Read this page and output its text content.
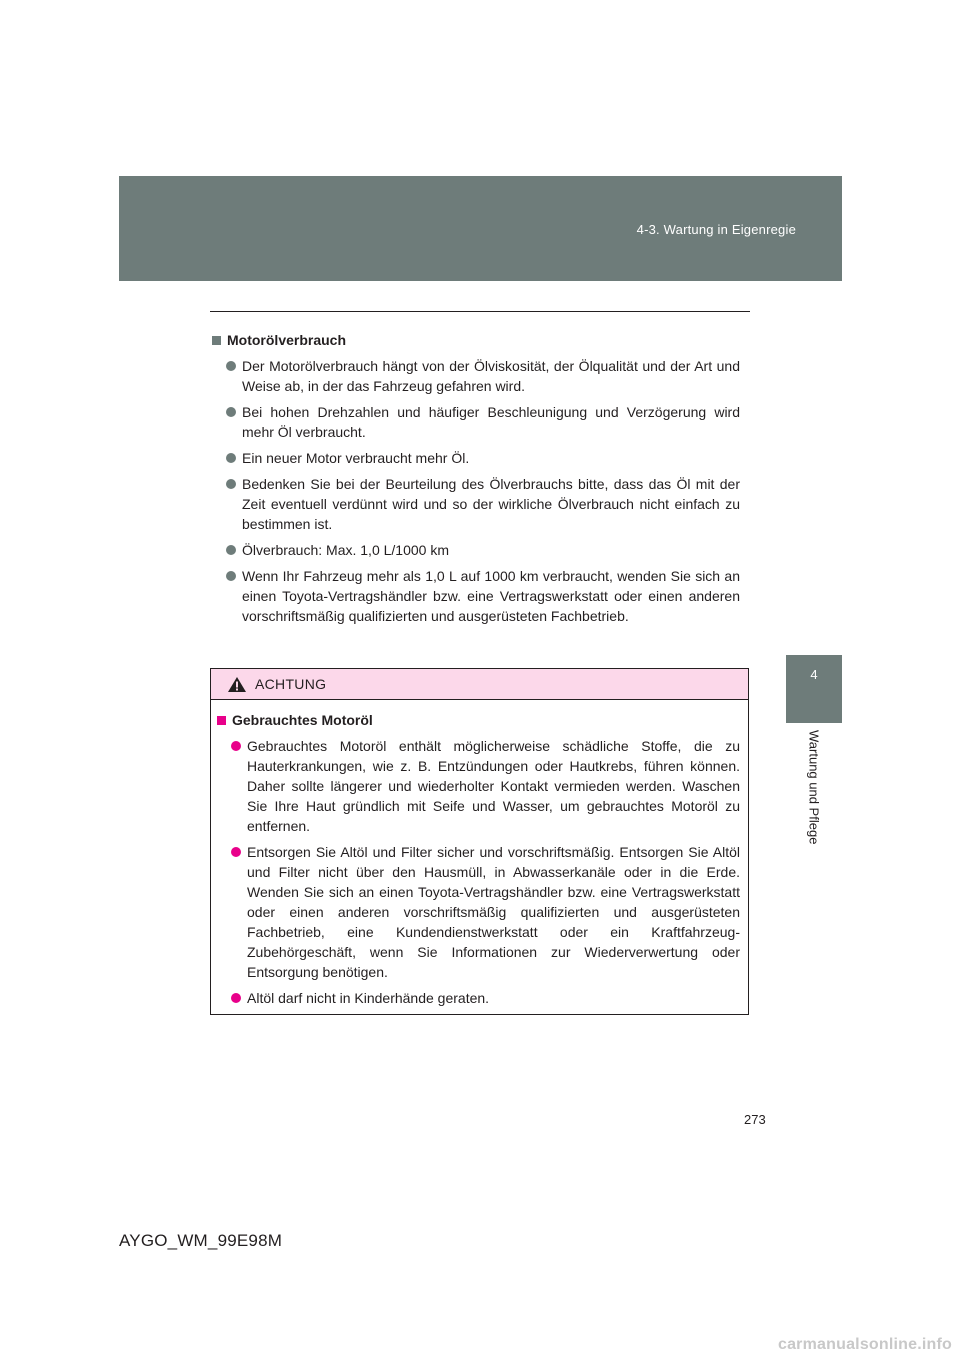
4-3. Wartung in Eigenregie
4
Wartung und Pflege
Motorölverbrauch
Der Motorölverbrauch hängt von der Ölviskosität, der Ölqualität und der Art und Weise ab, in der das Fahrzeug gefahren wird.
Bei hohen Drehzahlen und häufiger Beschleunigung und Verzögerung wird mehr Öl verbraucht.
Ein neuer Motor verbraucht mehr Öl.
Bedenken Sie bei der Beurteilung des Ölverbrauchs bitte, dass das Öl mit der Zeit eventuell verdünnt wird und so der wirkliche Ölverbrauch nicht einfach zu bestimmen ist.
Ölverbrauch: Max. 1,0 L/1000 km
Wenn Ihr Fahrzeug mehr als 1,0 L auf 1000 km verbraucht, wenden Sie sich an einen Toyota-Vertragshändler bzw. eine Vertragswerkstatt oder einen anderen vorschriftsmäßig qualifizierten und ausgerüsteten Fachbetrieb.
ACHTUNG
Gebrauchtes Motoröl
Gebrauchtes Motoröl enthält möglicherweise schädliche Stoffe, die zu Hauterkrankungen, wie z. B. Entzündungen oder Hautkrebs, führen können. Daher sollte längerer und wiederholter Kontakt vermieden werden. Waschen Sie Ihre Haut gründlich mit Seife und Wasser, um gebrauchtes Motoröl zu entfernen.
Entsorgen Sie Altöl und Filter sicher und vorschriftsmäßig. Entsorgen Sie Altöl und Filter nicht über den Hausmüll, in Abwasserkanäle oder in die Erde. Wenden Sie sich an einen Toyota-Vertragshändler bzw. eine Vertragswerkstatt oder einen anderen vorschriftsmäßig qualifizierten und ausgerüsteten Fachbetrieb, eine Kundendienstwerkstatt oder ein Kraftfahrzeug-Zubehörgeschäft, wenn Sie Informationen zur Wiederverwertung oder Entsorgung benötigen.
Altöl darf nicht in Kinderhände geraten.
273
AYGO_WM_99E98M
carmanualsonline.info
